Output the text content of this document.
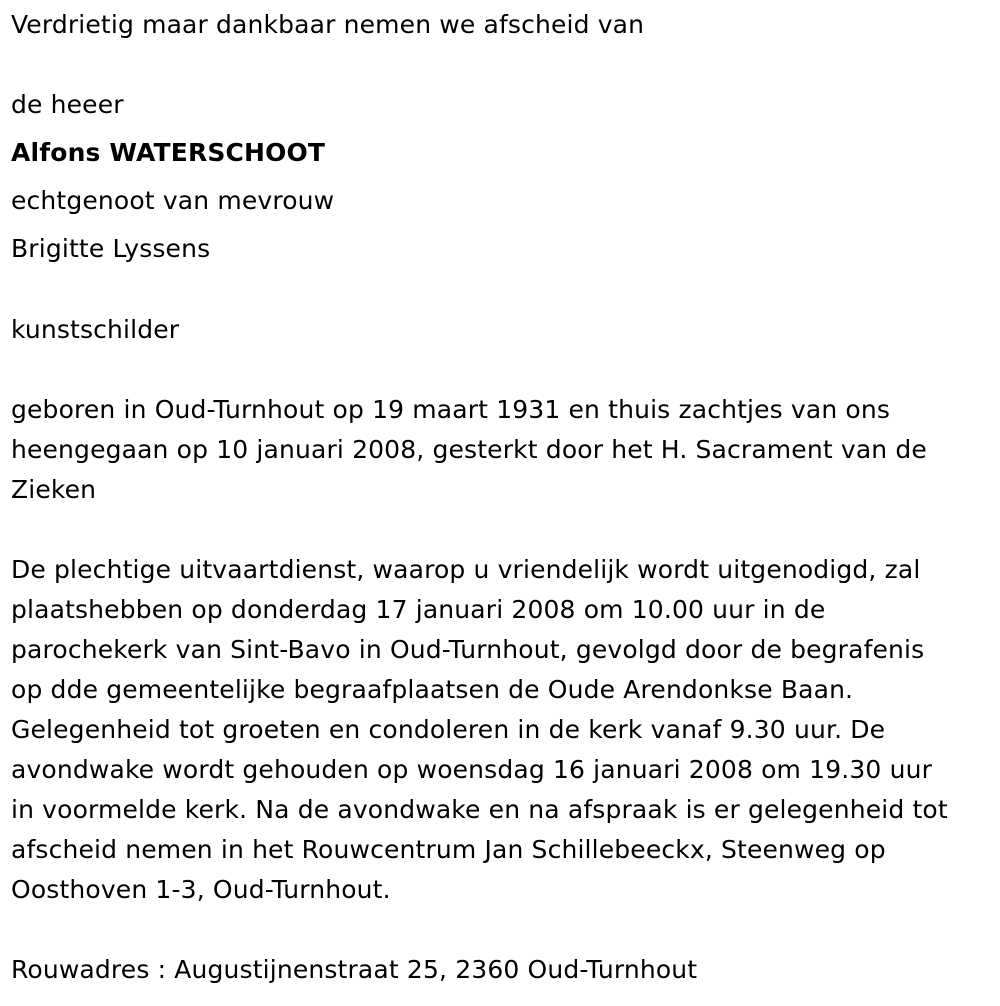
Verdrietig maar dankbaar nemen we afscheid van
de heeer
Alfons WATERSCHOOT
echtgenoot van mevrouw
Brigitte Lyssens
kunstschilder
geboren in Oud-Turnhout op 19 maart 1931 en thuis zachtjes van ons
heengegaan op 10 januari 2008, gesterkt door het H. Sacrament van de
Zieken
De plechtige uitvaartdienst, waarop u vriendelijk wordt uitgenodigd, zal
plaatshebben op donderdag 17 januari 2008 om 10.00 uur in de
parochekerk van Sint-Bavo in Oud-Turnhout, gevolgd door de begrafenis
op dde gemeentelijke begraafplaatsen de Oude Arendonkse Baan.
Gelegenheid tot groeten en condoleren in de kerk vanaf 9.30 uur. De
avondwake wordt gehouden op woensdag 16 januari 2008 om 19.30 uur
in voormelde kerk. Na de avondwake en na afspraak is er gelegenheid tot
afscheid nemen in het Rouwcentrum Jan Schillebeeckx, Steenweg op
Oosthoven 1-3, Oud-Turnhout.
Rouwadres : Augustijnenstraat 25, 2360 Oud-Turnhout
